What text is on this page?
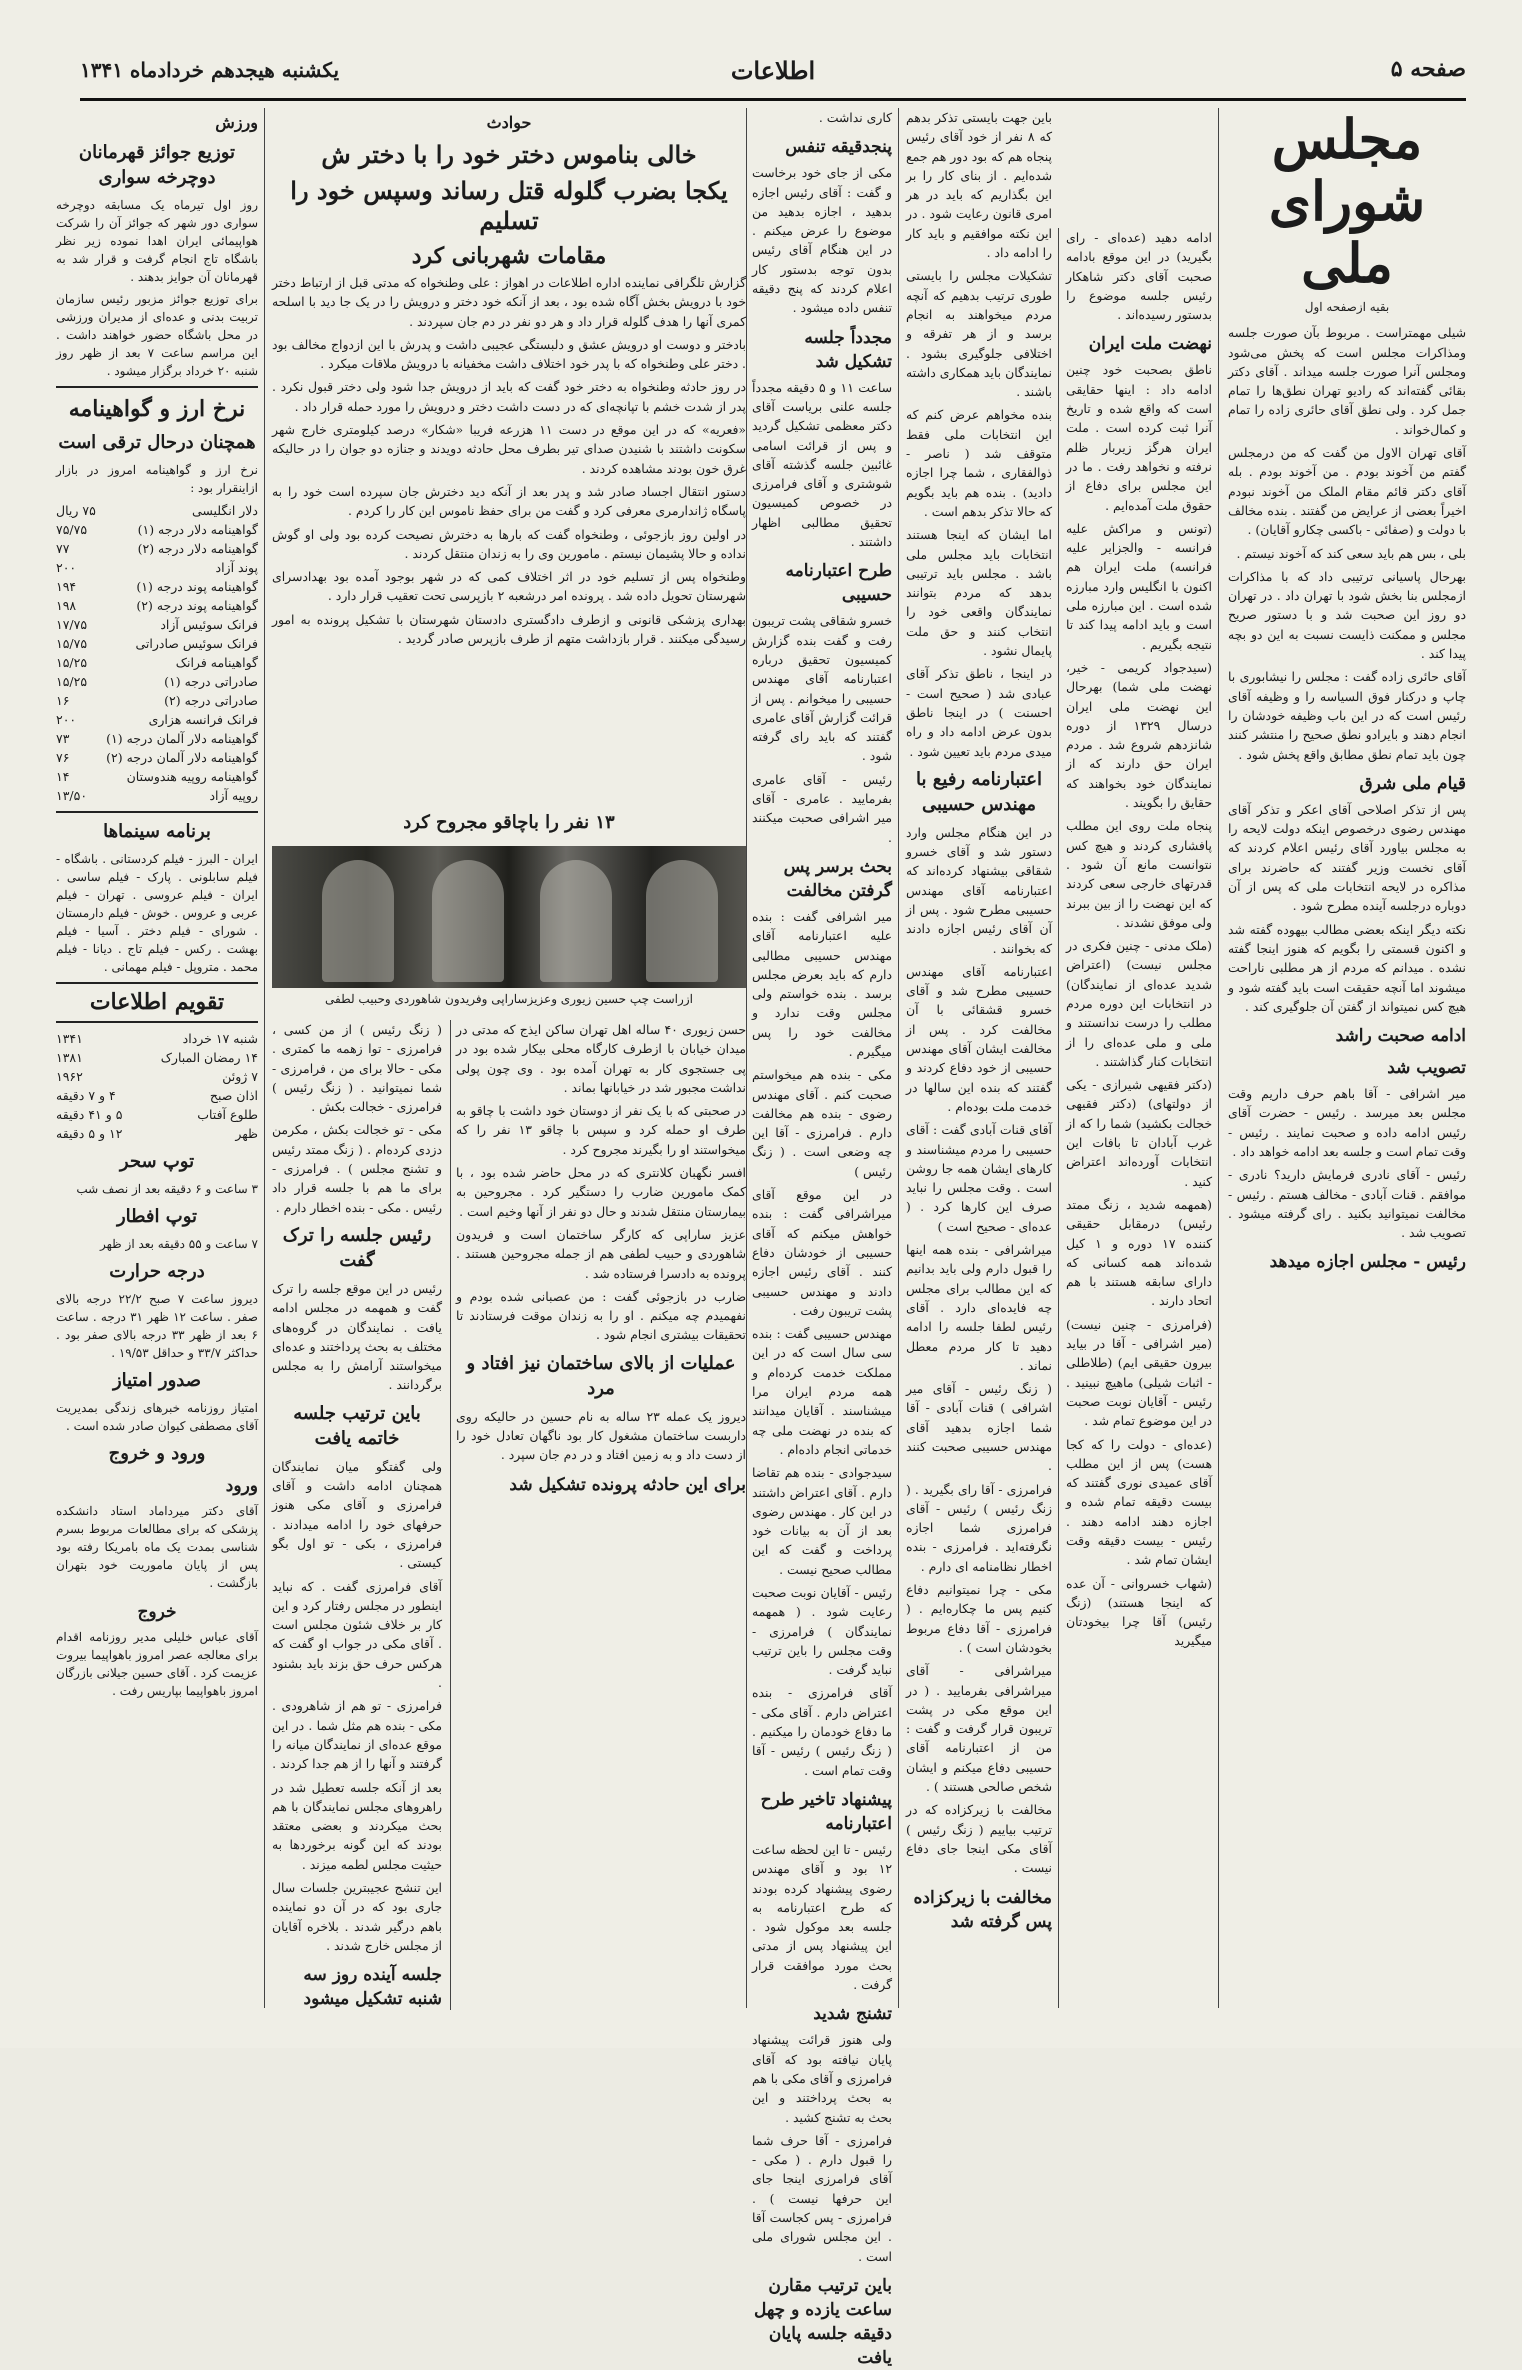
صفحه ۵
اطلاعات
یکشنبه هیجدهم خردادماه ۱۳۴۱
مجلس شورای ملی
بقیه ازصفحه اول

شیلی مهمتراست . مربوط بآن صورت جلسه ومذاکرات مجلس است که پخش می‌شود ومجلس آنرا صورت جلسه میداند . آقای دکتر بقائی گفته‌اند که رادیو تهران نطق‌ها را تمام جمل کرد . ولی نطق آقای حائری زاده را تمام و کمال‌خواند .

آقای تهران الاول من گفت که من درمجلس گفتم من آخوند بودم . من آخوند بودم . بله آقای دکتر قائم مقام الملک من آخوند نبودم اخیراً بعضی از عرایض من گفتند . بنده مخالف با دولت و (صفائی - باکسی چکارو آقایان) .

بلی ، بس هم باید سعی کند که آخوند نیستم .

بهرحال پاسیانی ترتیبی داد که با مذاکرات ازمجلس بنا بخش شود با تهران داد . در تهران دو روز این صحبت شد و با دستور صریح مجلس و ممکنت ذایست نسبت به این دو بچه پیدا کند .

آقای حائری زاده گفت : مجلس را نیشابوری با چاپ و درکنار فوق السیاسه را و وظیفه آقای رئیس است که در این باب وظیفه خودشان را انجام دهند و بایرادو نطق صحیح را منتشر کنند چون باید تمام نطق مطابق واقع پخش شود .

قیام ملی شرق

پس از تذکر اصلاحی آقای اعکر و تذکر آقای مهندس رضوی درخصوص اینکه دولت لایحه را به مجلس بیاورد آقای رئیس اعلام کردند که آقای نخست وزیر گفتند که حاضرند برای مذاکره در لایحه انتخابات ملی که پس از آن دوباره درجلسه آینده مطرح شود .

نکته دیگر اینکه بعضی مطالب بیهوده گفته شد و اکنون قسمتی را بگویم که هنوز اینجا گفته نشده . میدانم که مردم از هر مطلبی ناراحت میشوند اما آنچه حقیقت است باید گفته شود و هیچ کس نمیتواند از گفتن آن جلوگیری کند .

ادامه صحبت راشد
تصویب شد

میر اشرافی - آقا باهم حرف داریم وقت مجلس بعد میرسد . رئیس - حضرت آقای رئیس ادامه داده و صحبت نمایند . رئیس - وقت تمام است و جلسه بعد ادامه خواهد داد .

رئیس - آقای نادری فرمایش دارید؟ نادری - موافقم . قنات آبادی - مخالف هستم . رئیس - مخالفت نمیتوانید بکنید . رای گرفته میشود . تصویب شد .

رئیس - مجلس اجازه میدهد

ادامه دهید (عده‌ای - رای بگیرید) در این موقع بادامه صحبت آقای دکتر شاهکار رئیس جلسه موضوع را بدستور رسیده‌اند .

نهضت ملت ایران

ناطق بصحبت خود چنین ادامه داد : اینها حقایقی است که واقع شده و تاریخ آنرا ثبت کرده است . ملت ایران هرگز زیربار ظلم نرفته و نخواهد رفت . ما در این مجلس برای دفاع از حقوق ملت آمده‌ایم .

(تونس و مراکش علیه فرانسه - والجزایر علیه فرانسه) ملت ایران هم اکنون با انگلیس وارد مبارزه شده است . این مبارزه ملی است و باید ادامه پیدا کند تا نتیجه بگیریم .

(سیدجواد کریمی - خیر، نهضت ملی شما) بهرحال این نهضت ملی ایران درسال ۱۳۲۹ از دوره شانزدهم شروع شد . مردم ایران حق دارند که از نمایندگان خود بخواهند که حقایق را بگویند .

پنجاه ملت روی این مطلب پافشاری کردند و هیچ کس نتوانست مانع آن شود . قدرتهای خارجی سعی کردند که این نهضت را از بین ببرند ولی موفق نشدند .

(ملک مدنی - چنین فکری در مجلس نیست) (اعتراض شدید عده‌ای از نمایندگان) در انتخابات این دوره مردم مطلب را درست ندانستند و ملی و ملی عده‌ای را از انتخابات کنار گذاشتند .

(دکتر فقیهی شیرازی - یکی از دولتهای) (دکتر فقیهی خجالت بکشید) شما را که از غرب آبادان تا بافات این انتخابات آورده‌اند اعتراض کنید .

(همهمه شدید ، زنگ ممتد رئیس) درمقابل حقیقی کننده ۱۷ دوره و ۱ کیل شده‌اند همه کسانی که دارای سابقه هستند با هم اتحاد دارند .

(فرامرزی - چنین نیست) (میر اشرافی - آقا در بیاید بیرون حقیقی ایم) (طلاطلی - اثبات شیلی) ماهیچ نبینید . رئیس - آقایان نوبت صحبت در این موضوع تمام شد .

(عده‌ای - دولت را که کجا هست) پس از این مطلب آقای عمیدی نوری گفتند که بیست دقیقه تمام شده و اجازه دهند ادامه دهند . رئیس - بیست دقیقه وقت ایشان تمام شد .

(شهاب خسروانی - آن عده که اینجا هستند) (زنگ رئیس) آقا چرا بیخودتان میگیرید

باین جهت بایستی تذکر بدهم که ۸ نفر از خود آقای رئیس پنجاه هم که بود دور هم جمع شده‌ایم . از بنای کار را بر این بگذاریم که باید در هر امری قانون رعایت شود . در این نکته موافقیم و باید کار را ادامه داد .

تشکیلات مجلس را بایستی طوری ترتیب بدهیم که آنچه مردم میخواهند به انجام برسد و از هر تفرقه و اختلافی جلوگیری بشود . نمایندگان باید همکاری داشته باشند .

بنده مخواهم عرض کنم که این انتخابات ملی فقط متوقف شد ( ناصر - ذوالفقاری ، شما چرا اجازه دادید) . بنده هم باید بگویم که حالا تذکر بدهم است .

اما ایشان که اینجا هستند انتخابات باید مجلس ملی باشد . مجلس باید ترتیبی بدهد که مردم بتوانند نمایندگان واقعی خود را انتخاب کنند و حق ملت پایمال نشود .

در اینجا ، ناطق تذکر آقای عبادی شد ( صحیح است - احسنت ) در اینجا ناطق بدون عرض ادامه داد و راه میدی مردم باید تعیین شود .

اعتبارنامه رفیع با مهندس حسیبی

در این هنگام مجلس وارد دستور شد و آقای خسرو شقاقی بیشنهاد کرده‌اند که اعتبارنامه آقای مهندس حسیبی مطرح شود . پس از آن آقای رئیس اجازه دادند که بخوانند .

اعتبارنامه آقای مهندس حسیبی مطرح شد و آقای خسرو قشقائی با آن مخالفت کرد . پس از مخالفت ایشان آقای مهندس حسیبی از خود دفاع کردند و گفتند که بنده این سالها در خدمت ملت بوده‌ام .

آقای قنات آبادی گفت : آقای حسیبی را مردم میشناسند و کارهای ایشان همه جا روشن است . وقت مجلس را نباید صرف این کارها کرد . ( عده‌ای - صحیح است )

میراشرافی - بنده همه اینها را قبول دارم ولی باید بدانیم که این مطالب برای مجلس چه فایده‌ای دارد . آقای رئیس لطفا جلسه را ادامه دهید تا کار مردم معطل نماند .

( زنگ رئیس - آقای میر اشرافی ) قنات آبادی - آقا شما اجازه بدهید آقای مهندس حسیبی صحبت کنند .

فرامرزی - آقا رای بگیرید . ( زنگ رئیس ) رئیس - آقای فرامرزی شما اجازه نگرفته‌اید . فرامرزی - بنده اخطار نظامنامه ای دارم .

مکی - چرا نمیتوانیم دفاع کنیم پس ما چکاره‌ایم . ( فرامرزی - آقا دفاع مربوط بخودشان است ) .

میراشرافی - آقای میراشرافی بفرمایید . ( در این موقع مکی در پشت تریبون قرار گرفت و گفت : من از اعتبارنامه آقای حسیبی دفاع میکنم و ایشان شخص صالحی هستند ) .

مخالفت با زیرکزاده که در ترتیب بیاییم ( زنگ رئیس ) آقای مکی اینجا جای دفاع نیست .

مخالفت با زیرکزاده پس گرفته شد

کاری نداشت .

پنجدقیقه تنفس

مکی از جای خود برخاست و گفت : آقای رئیس اجازه بدهید ، اجازه بدهید من موضوع را عرض میکنم . در این هنگام آقای رئیس بدون توجه بدستور کار اعلام کردند که پنج دقیقه تنفس داده میشود .

مجدداً جلسه تشکیل شد

ساعت ۱۱ و ۵ دقیقه مجدداً جلسه علنی بریاست آقای دکتر معظمی تشکیل گردید و پس از قرائت اسامی غائبین جلسه گذشته آقای شوشتری و آقای فرامرزی در خصوص کمیسیون تحقیق مطالبی اظهار داشتند .

طرح اعتبارنامه حسیبی

خسرو شقاقی پشت تریبون رفت و گفت بنده گزارش کمیسیون تحقیق درباره اعتبارنامه آقای مهندس حسیبی را میخوانم . پس از قرائت گزارش آقای عامری گفتند که باید رای گرفته شود .

رئیس - آقای عامری بفرمایید . عامری - آقای میر اشرافی صحبت میکنند .

بحث برسر پس گرفتن مخالفت

میر اشرافی گفت : بنده علیه اعتبارنامه آقای مهندس حسیبی مطالبی دارم که باید بعرض مجلس برسد . بنده خواستم ولی مجلس وقت ندارد و مخالفت خود را پس میگیرم .

مکی - بنده هم میخواستم صحبت کنم . آقای مهندس رضوی - بنده هم مخالفت دارم . فرامرزی - آقا این چه وضعی است . ( زنگ رئیس )

در این موقع آقای میراشرافی گفت : بنده خواهش میکنم که آقای حسیبی از خودشان دفاع کنند . آقای رئیس اجازه دادند و مهندس حسیبی پشت تریبون رفت .

مهندس حسیبی گفت : بنده سی سال است که در این مملکت خدمت کرده‌ام و همه مردم ایران مرا میشناسند . آقایان میدانند که بنده در نهضت ملی چه خدماتی انجام داده‌ام .

سیدجوادی - بنده هم تقاضا دارم . آقای اعتراض داشتند در این کار . مهندس رضوی بعد از آن به بیانات خود پرداخت و گفت که این مطالب صحیح نیست .

رئیس - آقایان نوبت صحبت رعایت شود . ( همهمه نمایندگان ) فرامرزی - وقت مجلس را باین ترتیب نباید گرفت .

آقای فرامرزی - بنده اعتراض دارم . آقای مکی - ما دفاع خودمان را میکنیم . ( زنگ رئیس ) رئیس - آقا وقت تمام است .

پیشنهاد تاخیر طرح اعتبارنامه

رئیس - تا این لحظه ساعت ۱۲ بود و آقای مهندس رضوی پیشنهاد کرده بودند که طرح اعتبارنامه به جلسه بعد موکول شود . این پیشنهاد پس از مدتی بحث مورد موافقت قرار گرفت .

تشنج شدید

ولی هنوز قرائت پیشنهاد پایان نیافته بود که آقای فرامرزی و آقای مکی با هم به بحث پرداختند و این بحث به تشنج کشید .

فرامرزی - آقا حرف شما را قبول دارم . ( مکی - آقای فرامرزی اینجا جای این حرفها نیست ) . فرامرزی - پس کجاست آقا . این مجلس شورای ملی است .

باین ترتیب مقارن ساعت یازده و چهل دقیقه جلسه پایان یافت
حوادث
خالی بناموس دختر خود را با دختر ش
یکجا بضرب گلوله قتل رساند وسپس خود را تسلیم
مقامات شهربانی کرد

گزارش تلگرافی نماینده اداره اطلاعات در اهواز : علی وطنخواه که مدتی قبل از ارتباط دختر خود با درویش بخش آگاه شده بود ، بعد از آنکه خود دختر و درویش را در یک جا دید با اسلحه کمری آنها را هدف گلوله قرار داد و هر دو نفر در دم جان سپردند .

بادختر و دوست او درویش عشق و دلبستگی عجیبی داشت و پدرش با این ازدواج مخالف بود . دختر علی وطنخواه که با پدر خود اختلاف داشت مخفیانه با درویش ملاقات میکرد .

در روز حادثه وطنخواه به دختر خود گفت که باید از درویش جدا شود ولی دختر قبول نکرد . پدر از شدت خشم با تپانچه‌ای که در دست داشت دختر و درویش را مورد حمله قرار داد .

«فعریه» که در این موقع در دست ۱۱ هزرعه فریبا «شکار» درصد کیلومتری خارج شهر سکونت داشتند با شنیدن صدای تیر بطرف محل حادثه دویدند و جنازه دو جوان را در حالیکه غرق خون بودند مشاهده کردند .

دستور انتقال اجساد صادر شد و پدر بعد از آنکه دید دخترش جان سپرده است خود را به پاسگاه ژاندارمری معرفی کرد و گفت من برای حفظ ناموس این کار را کردم .

در اولین روز بازجوئی ، وطنخواه گفت که بارها به دخترش نصیحت کرده بود ولی او گوش نداده و حالا پشیمان نیستم . مامورین وی را به زندان منتقل کردند .

وطنخواه پس از تسلیم خود در اثر اختلاف کمی که در شهر بوجود آمده بود بهدادسرای شهرستان تحویل داده شد . پرونده امر درشعبه ۲ بازپرسی تحت تعقیب قرار دارد .

بهداری پزشکی قانونی و ازطرف دادگستری دادستان شهرستان با تشکیل پرونده به امور رسیدگی میکنند . قرار بازداشت متهم از طرف بازپرس صادر گردید .

۱۳ نفر را باچاقو مجروح کرد
ازراست چپ حسین زیوری وعزیزساراپی وفریدون شاهوردی وحبیب لطفی

حسن زیوری ۴۰ ساله اهل تهران ساکن ایذج که مدتی در میدان خیابان با ازطرف کارگاه محلی بیکار شده بود در پی جستجوی کار به تهران آمده بود . وی چون پولی نداشت مجبور شد در خیابانها بماند .

در صحبتی که با یک نفر از دوستان خود داشت با چاقو به طرف او حمله کرد و سپس با چاقو ۱۳ نفر را که میخواستند او را بگیرند مجروح کرد .

افسر نگهبان کلانتری که در محل حاضر شده بود ، با کمک مامورین ضارب را دستگیر کرد . مجروحین به بیمارستان منتقل شدند و حال دو نفر از آنها وخیم است .

عزیز ساراپی که کارگر ساختمان است و فریدون شاهوردی و حبیب لطفی هم از جمله مجروحین هستند . پرونده به دادسرا فرستاده شد .

ضارب در بازجوئی گفت : من عصبانی شده بودم و نفهمیدم چه میکنم . او را به زندان موقت فرستادند تا تحقیقات بیشتری انجام شود .

عملیات از بالای ساختمان نیز افتاد و مرد

دیروز یک عمله ۲۳ ساله به نام حسین در حالیکه روی داربست ساختمان مشغول کار بود ناگهان تعادل خود را از دست داد و به زمین افتاد و در دم جان سپرد .

برای این حادثه پرونده تشکیل شد

( زنگ رئیس ) از من کسی ، فرامرزی - توا زهمه ما کمتری . مکی - حالا برای من ، فرامرزی - شما نمیتوانید . ( زنگ رئیس ) فرامرزی - خجالت بکش .

مکی - تو خجالت بکش ، مکرمن دزدی کرده‌ام . ( زنگ ممتد رئیس و تشنج مجلس ) . فرامرزی - برای ما هم با جلسه قرار داد رئیس . مکی - بنده اخطار دارم .

رئیس جلسه را ترک گفت

رئیس در این موقع جلسه را ترک گفت و همهمه در مجلس ادامه یافت . نمایندگان در گروه‌های مختلف به بحث پرداختند و عده‌ای میخواستند آرامش را به مجلس برگردانند .

باین ترتیب جلسه خاتمه یافت

ولی گفتگو میان نمایندگان همچنان ادامه داشت و آقای فرامرزی و آقای مکی هنوز حرفهای خود را ادامه میدادند . فرامرزی ، بکی - تو اول بگو کیستی .

آقای فرامرزی گفت . که نباید اینطور در مجلس رفتار کرد و این کار بر خلاف شئون مجلس است . آقای مکی در جواب او گفت که هرکس حرف حق بزند باید بشنود .

فرامرزی - تو هم از شاهرودی . مکی - بنده هم مثل شما . در این موقع عده‌ای از نمایندگان میانه را گرفتند و آنها را از هم جدا کردند .

بعد از آنکه جلسه تعطیل شد در راهروهای مجلس نمایندگان با هم بحث میکردند و بعضی معتقد بودند که این گونه برخوردها به حیثیت مجلس لطمه میزند .

این تنشج عجیبترین جلسات سال جاری بود که در آن دو نماینده باهم درگیر شدند . بلاخره آقایان از مجلس خارج شدند .

جلسه آینده روز سه شنبه تشکیل میشود
ورزش
توزیع جوائز قهرمانان دوچرخه سواری

روز اول تیرماه یک مسابقه دوچرخه سواری دور شهر که جوائز آن را شرکت هواپیمائی ایران اهدا نموده زیر نظر باشگاه تاج انجام گرفت و قرار شد به قهرمانان آن جوایز بدهند .

برای توزیع جوائز مزبور رئیس سازمان تربیت بدنی و عده‌ای از مدیران ورزشی در محل باشگاه حضور خواهند داشت . این مراسم ساعت ۷ بعد از ظهر روز شنبه ۲۰ خرداد برگزار میشود .

نرخ ارز و گواهینامه
همچنان درحال ترقی است

نرخ ارز و گواهینامه امروز در بازار ازاینقرار بود :

دلار انگلیسی	۷۵ ریال
گواهینامه دلار درجه (۱)	۷۵/۷۵
گواهینامه دلار درجه (۲)	۷۷
پوند آزاد	۲۰۰
گواهینامه پوند درجه (۱)	۱۹۴
گواهینامه پوند درجه (۲)	۱۹۸
فرانک سوئیس آزاد	۱۷/۷۵
فرانک سوئیس صادراتی	۱۵/۷۵
گواهینامه فرانک	۱۵/۲۵
صادراتی درجه (۱)	۱۵/۲۵
صادراتی درجه (۲)	۱۶
فرانک فرانسه هزاری	۲۰۰
گواهینامه دلار آلمان درجه (۱)	۷۳
گواهینامه دلار آلمان درجه (۲)	۷۶
گواهینامه روپیه هندوستان	۱۴
روپیه آزاد	۱۳/۵۰
برنامه سینماها

ایران - البرز - فیلم کردستانی . باشگاه - فیلم سابلونی . پارک - فیلم ساسی . ایران - فیلم عروسی . تهران - فیلم عربی و عروس . خوش - فیلم دارمستان . شورای - فیلم دختر . آسیا - فیلم بهشت . رکس - فیلم تاج . دیانا - فیلم محمد . متروپل - فیلم مهمانی .

تقویم اطلاعات
شنبه ۱۷ خرداد	۱۳۴۱
۱۴ رمضان المبارک	۱۳۸۱
۷ ژوئن	۱۹۶۲
اذان صبح	۴ و ۷ دقیقه
طلوع آفتاب	۵ و ۴۱ دقیقه
ظهر	۱۲ و ۵ دقیقه
توپ سحر

۳ ساعت و ۶ دقیقه بعد از نصف شب

توپ افطار

۷ ساعت و ۵۵ دقیقه بعد از ظهر

درجه حرارت

دیروز ساعت ۷ صبح ۲۲/۲ درجه بالای صفر . ساعت ۱۲ ظهر ۳۱ درجه . ساعت ۶ بعد از ظهر ۳۳ درجه بالای صفر بود . حداکثر ۳۳/۷ و حداقل ۱۹/۵۳ .

صدور امتیاز

امتیاز روزنامه خبرهای زندگی بمدیریت آقای مصطفی کیوان صادر شده است .

ورود و خروج
ورود

آقای دکتر میرداماد استاد دانشکده پزشکی که برای مطالعات مربوط بسرم شناسی بمدت یک ماه بامریکا رفته بود پس از پایان ماموریت خود بتهران بازگشت .

خروج

آقای عباس خلیلی مدیر روزنامه اقدام برای معالجه عصر امروز باهواپیما بیروت عزیمت کرد . آقای حسین جیلانی بازرگان امروز باهواپیما بپاریس رفت .
